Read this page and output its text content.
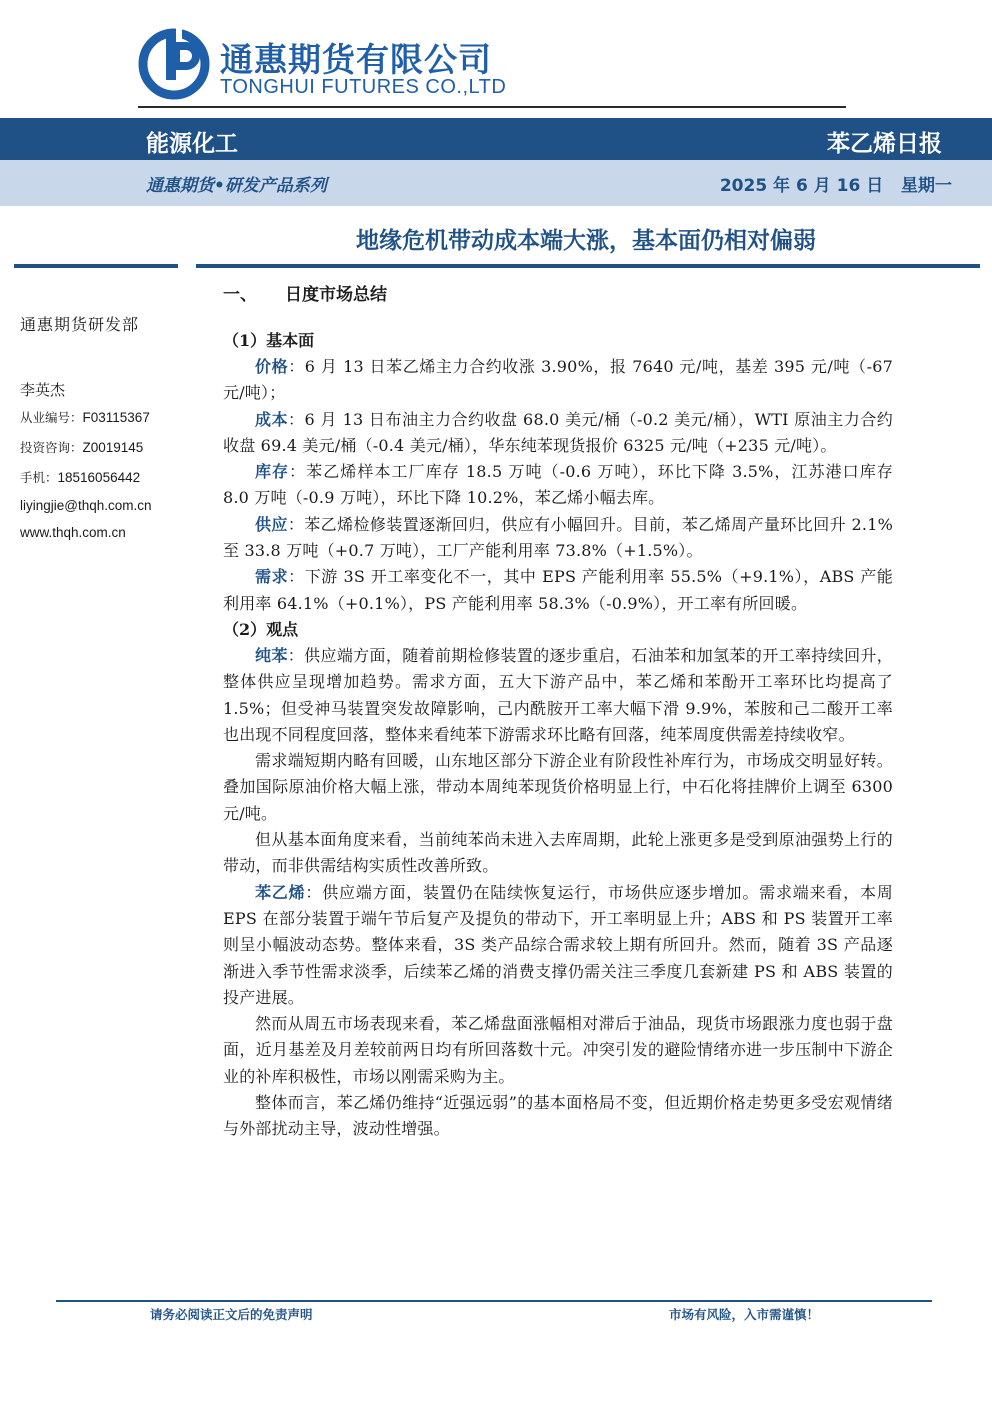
通惠期货有限公司
TONGHUI FUTURES CO.,LTD
能源化工	苯乙烯日报
通惠期货•研发产品系列	2025 年 6 月 16 日 星期一
地缘危机带动成本端大涨，基本面仍相对偏弱
通惠期货研发部
李英杰
从业编号：F03115367
投资咨询：Z0019145
手机：18516056442
liyingjie@thqh.com.cn
www.thqh.com.cn
一、 日度市场总结
（1）基本面

价格：6 月 13 日苯乙烯主力合约收涨 3.90%，报 7640 元/吨，基差 395 元/吨（-67 元/吨）；

成本：6 月 13 日布油主力合约收盘 68.0 美元/桶（-0.2 美元/桶），WTI 原油主力合约收盘 69.4 美元/桶（-0.4 美元/桶），华东纯苯现货报价 6325 元/吨（+235 元/吨）。

库存：苯乙烯样本工厂库存 18.5 万吨（-0.6 万吨），环比下降 3.5%，江苏港口库存 8.0 万吨（-0.9 万吨），环比下降 10.2%，苯乙烯小幅去库。

供应：苯乙烯检修装置逐渐回归，供应有小幅回升。目前，苯乙烯周产量环比回升 2.1%至 33.8 万吨（+0.7 万吨），工厂产能利用率 73.8%（+1.5%）。

需求：下游 3S 开工率变化不一，其中 EPS 产能利用率 55.5%（+9.1%），ABS 产能利用率 64.1%（+0.1%），PS 产能利用率 58.3%（-0.9%），开工率有所回暖。

（2）观点

纯苯：供应端方面，随着前期检修装置的逐步重启，石油苯和加氢苯的开工率持续回升，整体供应呈现增加趋势。需求方面，五大下游产品中，苯乙烯和苯酚开工率环比均提高了 1.5%；但受神马装置突发故障影响，己内酰胺开工率大幅下滑 9.9%，苯胺和己二酸开工率也出现不同程度回落，整体来看纯苯下游需求环比略有回落，纯苯周度供需差持续收窄。

需求端短期内略有回暖，山东地区部分下游企业有阶段性补库行为，市场成交明显好转。叠加国际原油价格大幅上涨，带动本周纯苯现货价格明显上行，中石化将挂牌价上调至 6300 元/吨。

但从基本面角度来看，当前纯苯尚未进入去库周期，此轮上涨更多是受到原油强势上行的带动，而非供需结构实质性改善所致。

苯乙烯：供应端方面，装置仍在陆续恢复运行，市场供应逐步增加。需求端来看，本周 EPS 在部分装置于端午节后复产及提负的带动下，开工率明显上升；ABS 和 PS 装置开工率则呈小幅波动态势。整体来看，3S 类产品综合需求较上期有所回升。然而，随着 3S 产品逐渐进入季节性需求淡季，后续苯乙烯的消费支撑仍需关注三季度几套新建 PS 和 ABS 装置的投产进展。

然而从周五市场表现来看，苯乙烯盘面涨幅相对滞后于油品，现货市场跟涨力度也弱于盘面，近月基差及月差较前两日均有所回落数十元。冲突引发的避险情绪亦进一步压制中下游企业的补库积极性，市场以刚需采购为主。

整体而言，苯乙烯仍维持“近强远弱”的基本面格局不变，但近期价格走势更多受宏观情绪与外部扰动主导，波动性增强。

请务必阅读正文后的免责声明	市场有风险，入市需谨慎！
